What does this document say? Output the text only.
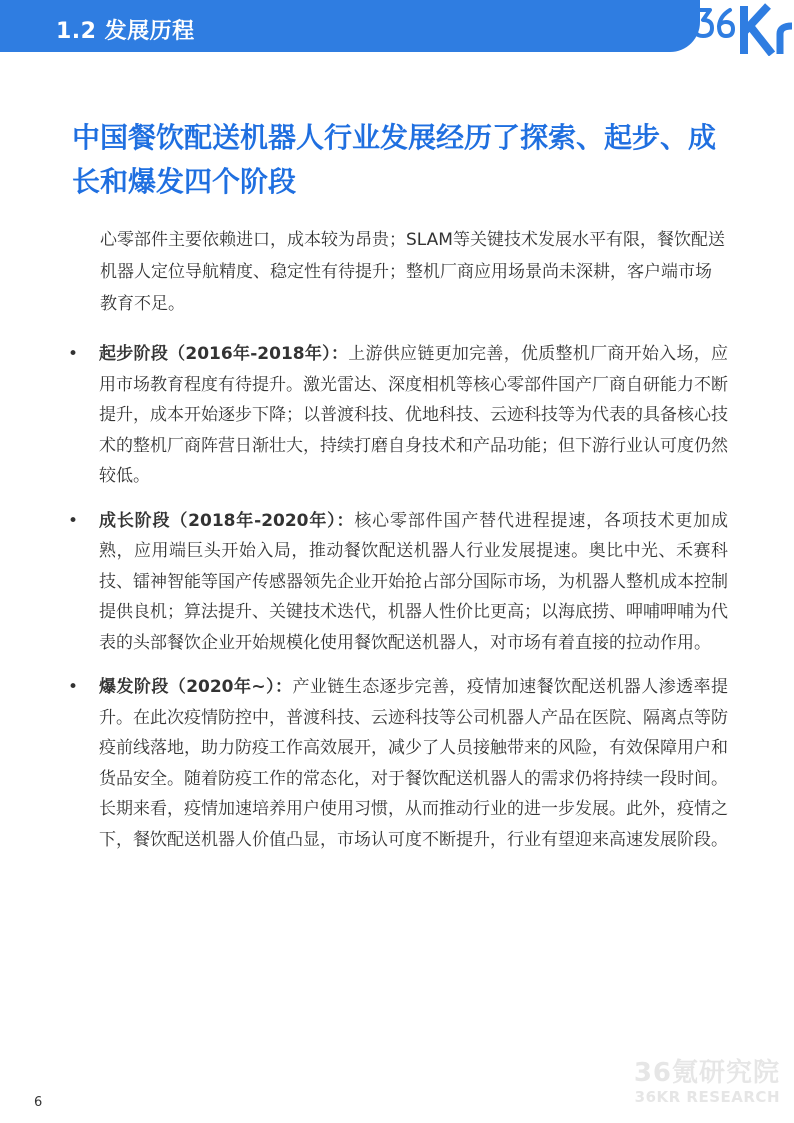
1.2 发展历程
中国餐饮配送机器人行业发展经历了探索、起步、成长和爆发四个阶段
心零部件主要依赖进口，成本较为昂贵；SLAM等关键技术发展水平有限，餐饮配送机器人定位导航精度、稳定性有待提升；整机厂商应用场景尚未深耕，客户端市场教育不足。
• 起步阶段（2016年-2018年）：上游供应链更加完善，优质整机厂商开始入场，应用市场教育程度有待提升。激光雷达、深度相机等核心零部件国产厂商自研能力不断提升，成本开始逐步下降；以普渡科技、优地科技、云迹科技等为代表的具备核心技术的整机厂商阵营日渐壮大，持续打磨自身技术和产品功能；但下游行业认可度仍然较低。
• 成长阶段（2018年-2020年）：核心零部件国产替代进程提速，各项技术更加成熟，应用端巨头开始入局，推动餐饮配送机器人行业发展提速。奥比中光、禾赛科技、镭神智能等国产传感器领先企业开始抢占部分国际市场，为机器人整机成本控制提供良机；算法提升、关键技术迭代，机器人性价比更高；以海底捞、呷哺呷哺为代表的头部餐饮企业开始规模化使用餐饮配送机器人，对市场有着直接的拉动作用。
• 爆发阶段（2020年~）：产业链生态逐步完善，疫情加速餐饮配送机器人渗透率提升。在此次疫情防控中，普渡科技、云迹科技等公司机器人产品在医院、隔离点等防疫前线落地，助力防疫工作高效展开，减少了人员接触带来的风险，有效保障用户和货品安全。随着防疫工作的常态化，对于餐饮配送机器人的需求仍将持续一段时间。长期来看，疫情加速培养用户使用习惯，从而推动行业的进一步发展。此外，疫情之下，餐饮配送机器人价值凸显，市场认可度不断提升，行业有望迎来高速发展阶段。
36氪研究院
36KR RESEARCH
6
